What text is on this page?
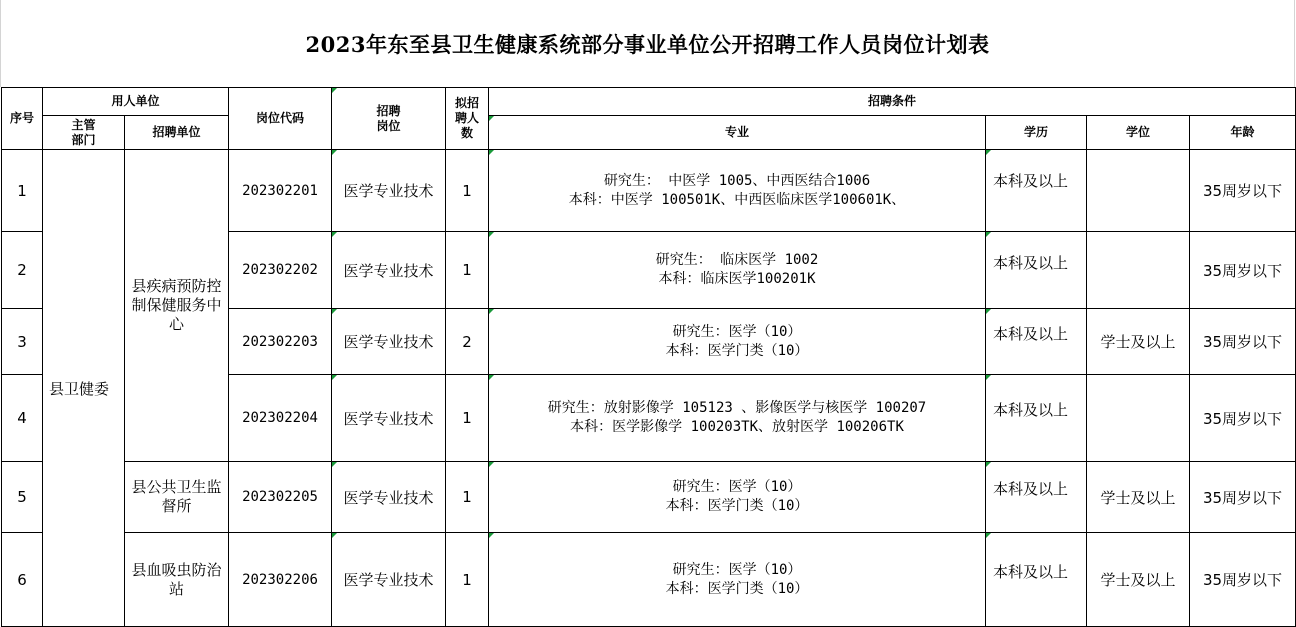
2023年东至县卫生健康系统部分事业单位公开招聘工作人员岗位计划表
序号	用人单位		岗位代码	招聘岗位	拟招聘人数	招聘条件			

	主管部门	招聘单位				专业	学历	学位	年龄
1	县卫健委	县疾病预防控制保健服务中心	202302201	医学专业技术	1	研究生： 中医学 1005、中西医结合1006
本科：中医学 100501K、中西医临床医学100601K、	本科及以上		35周岁以下
2			202302202	医学专业技术	1	研究生： 临床医学 1002
本科：临床医学100201K	本科及以上		35周岁以下
3			202302203	医学专业技术	2	研究生：医学（10）
本科：医学门类（10）	本科及以上	学士及以上	35周岁以下
4			202302204	医学专业技术	1	研究生：放射影像学 105123 、影像医学与核医学 100207
本科：医学影像学 100203TK、放射医学 100206TK	本科及以上		35周岁以下
5		县公共卫生监督所	202302205	医学专业技术	1	研究生：医学（10）
本科：医学门类（10）	本科及以上	学士及以上	35周岁以下
6		县血吸虫防治站	202302206	医学专业技术	1	研究生：医学（10）
本科：医学门类（10）	本科及以上	学士及以上	35周岁以下
